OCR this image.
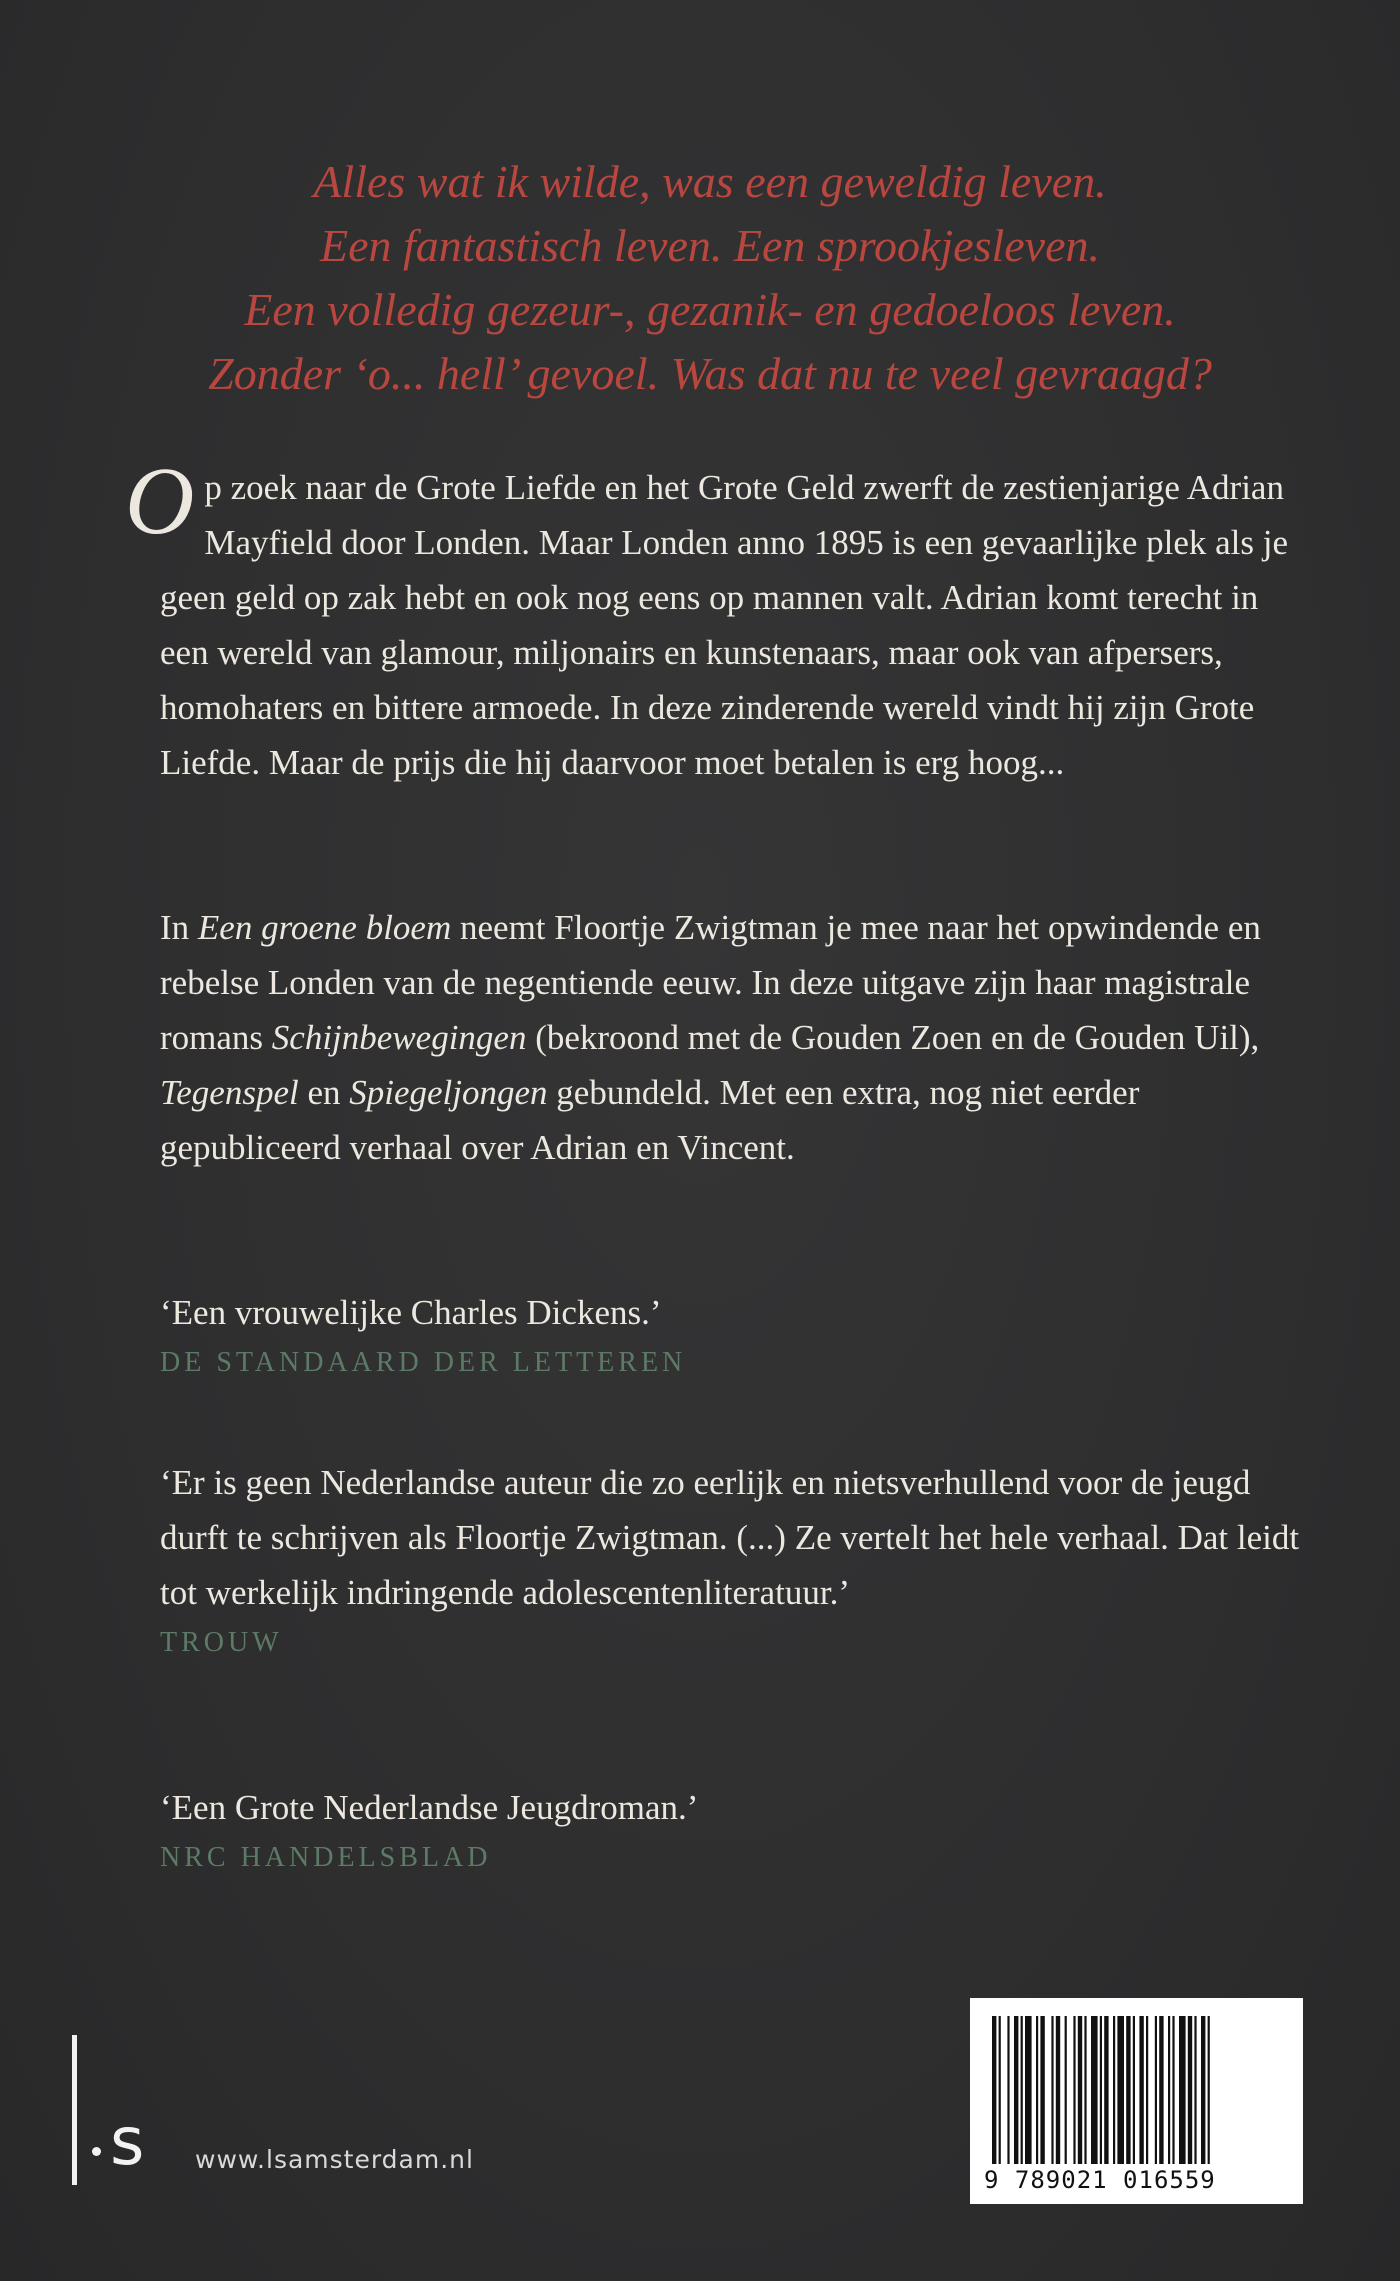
Alles wat ik wilde, was een geweldig leven.
Een fantastisch leven. Een sprookjesleven.
Een volledig gezeur-, gezanik- en gedoeloos leven.
Zonder ‘o... hell’ gevoel. Was dat nu te veel gevraagd?
Op zoek naar de Grote Liefde en het Grote Geld zwerft de zestienjarige Adrian Mayfield door Londen. Maar Londen anno 1895 is een gevaarlijke plek als je geen geld op zak hebt en ook nog eens op mannen valt. Adrian komt terecht in een wereld van glamour, miljonairs en kunstenaars, maar ook van afpersers, homohaters en bittere armoede. In deze zinderende wereld vindt hij zijn Grote Liefde. Maar de prijs die hij daarvoor moet betalen is erg hoog...
In Een groene bloem neemt Floortje Zwigtman je mee naar het opwindende en rebelse Londen van de negentiende eeuw. In deze uitgave zijn haar magistrale romans Schijnbewegingen (bekroond met de Gouden Zoen en de Gouden Uil), Tegenspel en Spiegeljongen gebundeld. Met een extra, nog niet eerder gepubliceerd verhaal over Adrian en Vincent.
‘Een vrouwelijke Charles Dickens.’
DE STANDAARD DER LETTEREN
‘Er is geen Nederlandse auteur die zo eerlijk en nietsverhullend voor de jeugd durft te schrijven als Floortje Zwigtman. (...) Ze vertelt het hele verhaal. Dat leidt tot werkelijk indringende adolescentenliteratuur.’
TROUW
‘Een Grote Nederlandse Jeugdroman.’
NRC HANDELSBLAD
s www.lsamsterdam.nl
9 789021 016559
